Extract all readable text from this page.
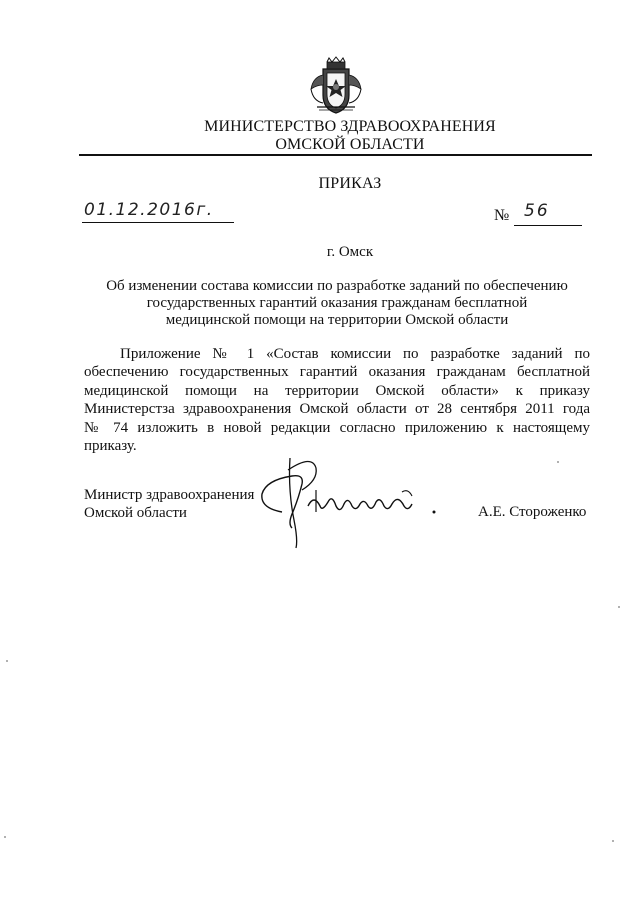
МИНИСТЕРСТВО ЗДРАВООХРАНЕНИЯ
ОМСКОЙ ОБЛАСТИ
ПРИКАЗ
01.12.2016г.	№ 56
г. Омск
Об изменении состава комиссии по разработке заданий по обеспечению
государственных гарантий оказания гражданам бесплатной
медицинской помощи на территории Омской области
Приложение № 1 «Состав комиссии по разработке заданий по
обеспечению государственных гарантий оказания гражданам бесплатной
медицинской помощи на территории Омской области» к приказу
Министерстза здравоохранения Омской области от 28 сентября 2011 года
№ 74 изложить в новой редакции согласно приложению к настоящему
приказу.
Министр здравоохранения
Омской области	А.Е. Стороженко
